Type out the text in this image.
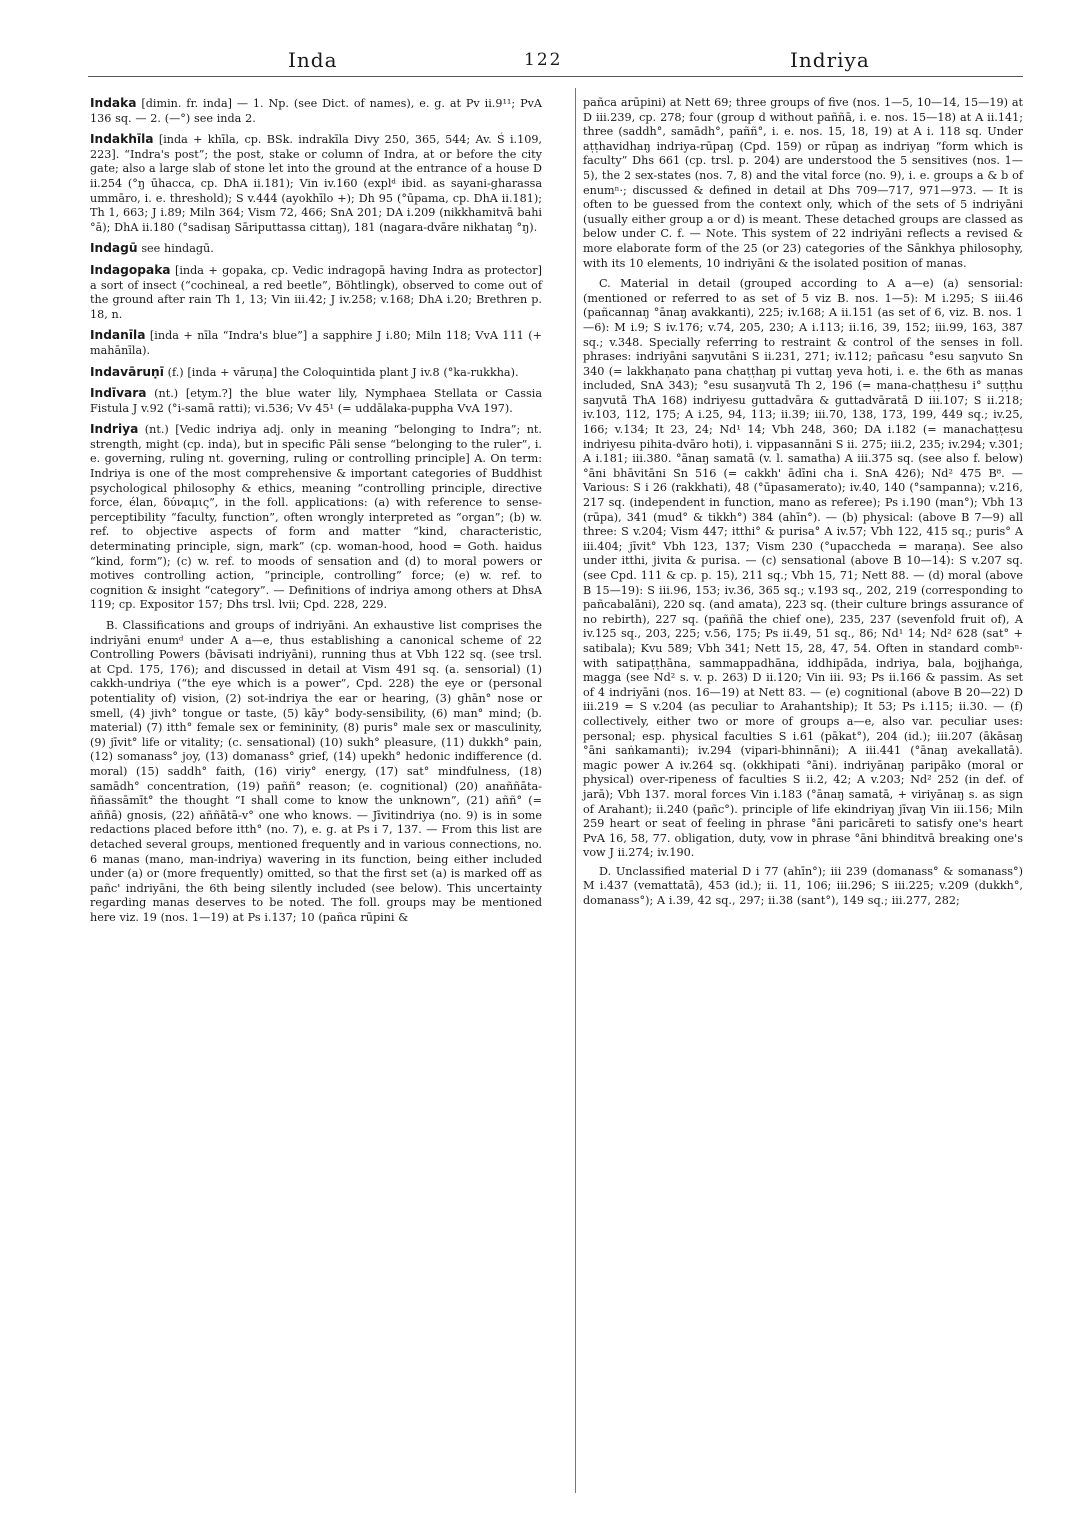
Inda	122	Indriya
Indaka [dimin. fr. inda] — 1. Np. (see Dict. of names), e. g. at Pv ii.9¹¹; PvA 136 sq. — 2. (—°) see inda 2.
Indakhīla [inda + khīla, cp. BSk. indrakīla Divy 250, 365, 544; Av. Ś i.109, 223]. “Indra's post”; the post, stake or column of Indra, at or before the city gate; also a large slab of stone let into the ground at the entrance of a house D ii.254 (°ŋ ūhacca, cp. DhA ii.181); Vin iv.160 (explᵈ ibid. as sayani-gharassa ummāro, i. e. threshold); S v.444 (ayokhīlo +); Dh 95 (°ūpama, cp. DhA ii.181); Th 1, 663; J i.89; Miln 364; Vism 72, 466; SnA 201; DA i.209 (nikkhamitvā bahi °ā); DhA ii.180 (°sadisaŋ Sāriputtassa cittaŋ), 181 (nagara-dvāre nikhataŋ °ŋ).
Indagū see hindagū.
Indagopaka [inda + gopaka, cp. Vedic indragopā having Indra as protector] a sort of insect (“cochineal, a red beetle”, Böhtlingk), observed to come out of the ground after rain Th 1, 13; Vin iii.42; J iv.258; v.168; DhA i.20; Brethren p. 18, n.
Indanīla [inda + nīla “Indra's blue”] a sapphire J i.80; Miln 118; VvA 111 (+ mahānīla).
Indavāruṇī (f.) [inda + vāruṇa] the Coloquintida plant J iv.8 (°ka-rukkha).
Indīvara (nt.) [etym.?] the blue water lily, Nymphaea Stellata or Cassia Fistula J v.92 (°i-samā ratti); vi.536; Vv 45¹ (= uddālaka-puppha VvA 197).
Indriya (nt.) [Vedic indriya adj. only in meaning “belonging to Indra”; nt. strength, might (cp. inda), but in specific Pāli sense “belonging to the ruler”, i. e. governing, ruling nt. governing, ruling or controlling principle] A. On term: Indriya is one of the most comprehensive & important categories of Buddhist psychological philosophy & ethics, meaning “controlling principle, directive force, élan, δύναμις”, in the foll. applications: (a) with reference to sense-perceptibility “faculty, function”, often wrongly interpreted as “organ”; (b) w. ref. to objective aspects of form and matter “kind, characteristic, determinating principle, sign, mark” (cp. woman-hood, hood = Goth. haidus “kind, form”); (c) w. ref. to moods of sensation and (d) to moral powers or motives controlling action, “principle, controlling” force; (e) w. ref. to cognition & insight “category”. — Definitions of indriya among others at DhsA 119; cp. Expositor 157; Dhs trsl. lvii; Cpd. 228, 229.
B. Classifications and groups of indriyāni. An exhaustive list comprises the indriyāni enumᵈ under A a—e, thus establishing a canonical scheme of 22 Controlling Powers (bāvisati indriyāni), running thus at Vbh 122 sq. (see trsl. at Cpd. 175, 176); and discussed in detail at Vism 491 sq. (a. sensorial) (1) cakkh-undriya (“the eye which is a power”, Cpd. 228) the eye or (personal potentiality of) vision, (2) sot-indriya the ear or hearing, (3) ghān° nose or smell, (4) jivh° tongue or taste, (5) kāy° body-sensibility, (6) man° mind; (b. material) (7) itth° female sex or femininity, (8) puris° male sex or masculinity, (9) jīvit° life or vitality; (c. sensational) (10) sukh° pleasure, (11) dukkh° pain, (12) somanass° joy, (13) domanass° grief, (14) upekh° hedonic indifference (d. moral) (15) saddh° faith, (16) viriy° energy, (17) sat° mindfulness, (18) samādh° concentration, (19) paññ° reason; (e. cognitional) (20) anaññāta-ññassāmīt° the thought “I shall come to know the unknown”, (21) aññ° (= aññā) gnosis, (22) aññātā-v° one who knows. — Jīvitindriya (no. 9) is in some redactions placed before itth° (no. 7), e. g. at Ps i 7, 137. — From this list are detached several groups, mentioned frequently and in various connections, no. 6 manas (mano, man-indriya) wavering in its function, being either included under (a) or (more frequently) omitted, so that the first set (a) is marked off as pañc' indriyāni, the 6th being silently included (see below). This uncertainty regarding manas deserves to be noted. The foll. groups may be mentioned here viz. 19 (nos. 1—19) at Ps i.137; 10 (pañca rūpini &
pañca arūpini) at Nett 69; three groups of five (nos. 1—5, 10—14, 15—19) at D iii.239, cp. 278; four (group d without paññā, i. e. nos. 15—18) at A ii.141; three (saddh°, samādh°, paññ°, i. e. nos. 15, 18, 19) at A i. 118 sq. Under aṭṭhavidhaŋ indriya-rūpaŋ (Cpd. 159) or rūpaŋ as indriyaŋ “form which is faculty” Dhs 661 (cp. trsl. p. 204) are understood the 5 sensitives (nos. 1—5), the 2 sex-states (nos. 7, 8) and the vital force (no. 9), i. e. groups a & b of enumⁿ·; discussed & defined in detail at Dhs 709—717, 971—973. — It is often to be guessed from the context only, which of the sets of 5 indriyāni (usually either group a or d) is meant. These detached groups are classed as below under C. f. — Note. This system of 22 indriyāni reflects a revised & more elaborate form of the 25 (or 23) categories of the Sānkhya philosophy, with its 10 elements, 10 indriyāni & the isolated position of manas.
C. Material in detail (grouped according to A a—e) (a) sensorial: (mentioned or referred to as set of 5 viz B. nos. 1—5): M i.295; S iii.46 (pañcannaŋ °ānaŋ avakkanti), 225; iv.168; A ii.151 (as set of 6, viz. B. nos. 1—6): M i.9; S iv.176; v.74, 205, 230; A i.113; ii.16, 39, 152; iii.99, 163, 387 sq.; v.348. Specially referring to restraint & control of the senses in foll. phrases: indriyāni saŋvutāni S ii.231, 271; iv.112; pañcasu °esu saŋvuto Sn 340 (= lakkhaṇato pana chaṭṭhaŋ pi vuttaŋ yeva hoti, i. e. the 6th as manas included, SnA 343); °esu susaŋvutā Th 2, 196 (= mana-chaṭṭhesu i° suṭṭhu saŋvutā ThA 168) indriyesu guttadvāra & guttadvāratā D iii.107; S ii.218; iv.103, 112, 175; A i.25, 94, 113; ii.39; iii.70, 138, 173, 199, 449 sq.; iv.25, 166; v.134; It 23, 24; Nd¹ 14; Vbh 248, 360; DA i.182 (= manachaṭṭesu indriyesu pihita-dvāro hoti), i. vippasannāni S ii. 275; iii.2, 235; iv.294; v.301; A i.181; iii.380. °ānaŋ samatā (v. l. samatha) A iii.375 sq. (see also f. below) °āni bhāvitāni Sn 516 (= cakkh' ādīni cha i. SnA 426); Nd² 475 B⁸. — Various: S i 26 (rakkhati), 48 (°ūpasamerato); iv.40, 140 (°sampanna); v.216, 217 sq. (independent in function, mano as referee); Ps i.190 (man°); Vbh 13 (rūpa), 341 (mud° & tikkh°) 384 (ahīn°). — (b) physical: (above B 7—9) all three: S v.204; Vism 447; itthi° & purisa° A iv.57; Vbh 122, 415 sq.; puris° A iii.404; jīvit° Vbh 123, 137; Vism 230 (°upaccheda = maraṇa). See also under itthi, jivita & purisa. — (c) sensational (above B 10—14): S v.207 sq. (see Cpd. 111 & cp. p. 15), 211 sq.; Vbh 15, 71; Nett 88. — (d) moral (above B 15—19): S iii.96, 153; iv.36, 365 sq.; v.193 sq., 202, 219 (corresponding to pañcabalāni), 220 sq. (and amata), 223 sq. (their culture brings assurance of no rebirth), 227 sq. (paññā the chief one), 235, 237 (sevenfold fruit of), A iv.125 sq., 203, 225; v.56, 175; Ps ii.49, 51 sq., 86; Nd¹ 14; Nd² 628 (sat° + satibala); Kvu 589; Vbh 341; Nett 15, 28, 47, 54. Often in standard combⁿ· with satipaṭṭhāna, sammappadhāna, iddhipāda, indriya, bala, bojjhaṅga, magga (see Nd² s. v. p. 263) D ii.120; Vin iii. 93; Ps ii.166 & passim. As set of 4 indriyāni (nos. 16—19) at Nett 83. — (e) cognitional (above B 20—22) D iii.219 = S v.204 (as peculiar to Arahantship); It 53; Ps i.115; ii.30. — (f) collectively, either two or more of groups a—e, also var. peculiar uses: personal; esp. physical faculties S i.61 (pākat°), 204 (id.); iii.207 (ākāsaŋ °āni saṅkamanti); iv.294 (vipari-bhinnāni); A iii.441 (°ānaŋ avekallatā). magic power A iv.264 sq. (okkhipati °āni). indriyānaŋ paripāko (moral or physical) over-ripeness of faculties S ii.2, 42; A v.203; Nd² 252 (in def. of jarā); Vbh 137. moral forces Vin i.183 (°ānaŋ samatā, + viriyānaŋ s. as sign of Arahant); ii.240 (pañc°). principle of life ekindriyaŋ jīvaŋ Vin iii.156; Miln 259 heart or seat of feeling in phrase °āni paricāreti to satisfy one's heart PvA 16, 58, 77. obligation, duty, vow in phrase °āni bhinditvā breaking one's vow J ii.274; iv.190.
D. Unclassified material D i 77 (ahīn°); iii 239 (domanass° & somanass°) M i.437 (vemattatā), 453 (id.); ii. 11, 106; iii.296; S iii.225; v.209 (dukkh°, domanass°); A i.39, 42 sq., 297; ii.38 (sant°), 149 sq.; iii.277, 282;
